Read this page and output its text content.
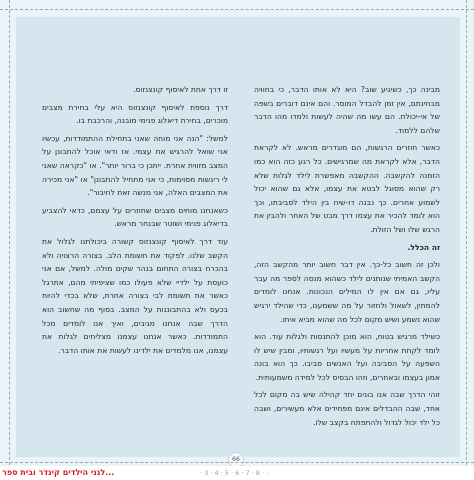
מבינה כך, כשיגיע שוב? היא לא אותו הדבר, כי בחוויה מבחינתם, אין זמן להבדל המוסר. והם אינם דוברים בשפה של אי-יכולת. הם עשו מה שהיה לעשות ולמדו מהו הדבר שלהם ללמוד.

כאשר חוזרים הרגשות, הם מוגדרים מראש. לא לקראת הדבר, אלא לקראת מה שמרגישים. כל רגע כזה הוא כמו הזמנה להקשבה. ההקשבה מאפשרת לילד לגלות שלא רק שהוא מסוגל לבטא את עצמו, אלא גם שהוא יכול לשמוע אחרים. כך נבנה דו-שיח בין הילד לסביבתו, וכך הוא לומד להכיר את עצמו דרך מבט של האחר ולהבין את הרגש שלו ושל הזולת.

זה הכלל.

ולכן זה חשוב כל-כך. אין דבר חשוב יותר מהקשב הזה, הקשב האמיתי שנותנים לילד כשהוא מנסה לספר מה עבר עליו, גם אם אין לו המילים הנכונות. אנחנו לומדים להמתין, לשאול ולחזור על מה ששמענו, כדי שהילד ירגיש שהוא נשמע ושיש מקום לכל מה שהוא מביא איתו.

כשילד מרגיש בטוח, הוא מוכן להתנסות ולגלות עוד. הוא לומד לקחת אחריות על מעשיו ועל רגשותיו, ומבין שיש לו השפעה על הסביבה ועל האנשים סביבו. כך הוא בונה אמון בעצמו ובאחרים, וזהו הבסיס לכל למידה משמעותית.

זוהי הדרך שבה אנו בונים יחד קהילה שיש בה מקום לכל אחד, שבה ההבדלים אינם מפחידים אלא מעשירים, ושבה כל ילד יכול לגדול ולהתפתח בקצב שלו.

זו דרך אחת לאיסוף קונצנזוס.

דרך נוספת לאיסוף קונצנזוס היא עלי בחירת מצבים מוכרים, בחירת דיאלוג פנימי מובנה, והרכבת בו.

למשל: "הנה אני מוחה שאני בתחילת ההתמודדות, עכשיו אני שואל להרגיש את עצמי. אז ודאי אוכל להתבונן על המצב מזווית אחרת. ייתכן כי ברור יותר". או "כקראה שאני לי ריגשות מסוימות, כי אני מתחיל להתבונן" או "אני מכירה את המצבים האלה, אני מנשה זאת לחיבור".

כשאנחנו מוחים מצבים שחוזרים על עצמם, כדאי להצביע בדיאלוג פנימי ושוטר שבנחר מראש.

עוד דרך לאיסוף קונצנזוס קשורה ביכולתנו לגלול את הקשב שלנו. לפקוד את תשומת הלב. בצורה הרצויה ולא בהכרח בצורה התחום בנהר שקים מולה. למשל, אם אני כועסת על ילדיי שלא פעולו כמו שציפיתי מהם, אתרגל כאשר את תשומת לבי בצורה אחרת, שלא בכדי להיות בכעס ולא בהתבוננות על המצב. בסוף מה שחשוב הוא הדרך שבה אנחנו מגיבים, ואיך אנו לומדים מכל התמודדות. כאשר אנחנו עצמנו מצליחים לגלות את עצמנו, אנו מלמדים את ילדינו לעשות את אותו הדבר.

66
...לגני הילדים קינדר ובית ספר	· 3 · 4 · 5 · 6 · 7 · 8 · ·
